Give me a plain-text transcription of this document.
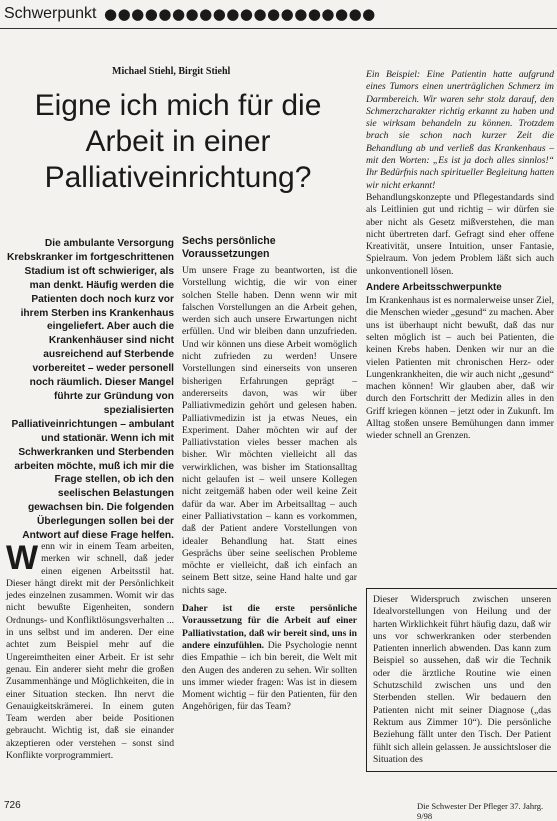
Schwerpunkt ●●●●●●●●●●●●●●●●●●●●
Michael Stiehl, Birgit Stiehl
Eigne ich mich für die Arbeit in einer Palliativeinrichtung?
Die ambulante Versorgung Krebskranker im fortgeschrittenen Stadium ist oft schwieriger, als man denkt. Häufig werden die Patienten doch noch kurz vor ihrem Sterben ins Krankenhaus eingeliefert. Aber auch die Krankenhäuser sind nicht ausreichend auf Sterbende vorbereitet – weder personell noch räumlich. Dieser Mangel führte zur Gründung von spezialisierten Palliativeinrichtungen – ambulant und stationär. Wenn ich mit Schwerkranken und Sterbenden arbeiten möchte, muß ich mir die Frage stellen, ob ich den seelischen Belastungen gewachsen bin. Die folgenden Überlegungen sollen bei der Antwort auf diese Frage helfen.

Wenn wir in einem Team arbeiten, merken wir schnell, daß jeder einen eigenen Arbeitsstil hat. Dieser hängt direkt mit der Persönlichkeit jedes einzelnen zusammen. Womit wir das nicht bewußte Eigenheiten, sondern Ordnungs- und Konfliktlösungsverhalten ... in uns selbst und im anderen. Der eine achtet zum Beispiel mehr auf die Ungereimtheiten einer Arbeit. Er ist sehr genau. Ein anderer sieht mehr die großen Zusammenhänge und Möglichkeiten, die in einer Situation stecken. Ihn nervt die Genauigkeitskrämerei. In einem guten Team werden aber beide Positionen gebraucht. Wichtig ist, daß sie einander akzeptieren oder verstehen – sonst sind Konflikte vorprogrammiert.

Sechs persönliche Voraussetzungen

Um unsere Frage zu beantworten, ist die Vorstellung wichtig, die wir von einer solchen Stelle haben. Denn wenn wir mit falschen Vorstellungen an die Arbeit gehen, werden sich auch unsere Erwartungen nicht erfüllen. Und wir bleiben dann unzufrieden. Und wir können uns diese Arbeit womöglich nicht zufrieden zu werden! Unsere Vorstellungen sind einerseits von unseren bisherigen Erfahrungen geprägt – andererseits davon, was wir über Palliativmedizin gehört und gelesen haben. Palliativmedizin ist ja etwas Neues, ein Experiment. Daher möchten wir auf der Palliativstation vieles besser machen als bisher. Wir möchten vielleicht all das verwirklichen, was bisher im Stationsalltag nicht gelaufen ist – weil unsere Kollegen nicht zeitgemäß haben oder weil keine Zeit dafür da war. Aber im Arbeitsalltag – auch einer Palliativstation – kann es vorkommen, daß der Patient andere Vorstellungen von idealer Behandlung hat. Statt eines Gesprächs über seine seelischen Probleme möchte er vielleicht, daß ich einfach an seinem Bett sitze, seine Hand halte und gar nichts sage.

Daher ist die erste persönliche Voraussetzung für die Arbeit auf einer Palliativstation, daß wir bereit sind, uns in andere einzufühlen. Die Psychologie nennt dies Empathie – ich bin bereit, die Welt mit den Augen des anderen zu sehen. Wir sollten uns immer wieder fragen: Was ist in diesem Moment wichtig – für den Patienten, für den Angehörigen, für das Team?

Ein Beispiel: Eine Patientin hatte aufgrund eines Tumors einen unerträglichen Schmerz im Darmbereich. Wir waren sehr stolz darauf, den Schmerzcharakter richtig erkannt zu haben und sie wirksam behandeln zu können. Trotzdem brach sie schon nach kurzer Zeit die Behandlung ab und verließ das Krankenhaus – mit den Worten: „Es ist ja doch alles sinnlos!“ Ihr Bedürfnis nach spiritueller Begleitung hatten wir nicht erkannt!

Behandlungskonzepte und Pflegestandards sind als Leitlinien gut und richtig – wir dürfen sie aber nicht als Gesetz mißverstehen, die man nicht übertreten darf. Gefragt sind eher offene Kreativität, unsere Intuition, unser Fantasie, Spielraum. Von jedem Problem läßt sich auch unkonventionell lösen.

Andere Arbeitsschwerpunkte

Im Krankenhaus ist es normalerweise unser Ziel, die Menschen wieder „gesund“ zu machen. Aber uns ist überhaupt nicht bewußt, daß das nur selten möglich ist – auch bei Patienten, die keinen Krebs haben. Denken wir nur an die vielen Patienten mit chronischen Herz- oder Lungenkrankheiten, die wir auch nicht „gesund“ machen können! Wir glauben aber, daß wir durch den Fortschritt der Medizin alles in den Griff kriegen können – jetzt oder in Zukunft. Im Alltag stoßen unsere Bemühungen dann immer wieder schnell an Grenzen.

Dieser Widerspruch zwischen unseren Idealvorstellungen von Heilung und der harten Wirklichkeit führt häufig dazu, daß wir uns vor schwerkranken oder sterbenden Patienten innerlich abwenden. Das kann zum Beispiel so aussehen, daß wir die Technik oder die ärztliche Routine wie einen Schutzschild zwischen uns und den Sterbenden stellen. Wir bedauern den Patienten nicht mit seiner Diagnose („das Rektum aus Zimmer 10“). Die persönliche Beziehung fällt unter den Tisch. Der Patient fühlt sich allein gelassen. Je aussichtsloser die Situation des

726	Die Schwester Der Pfleger 37. Jahrg. 9/98
